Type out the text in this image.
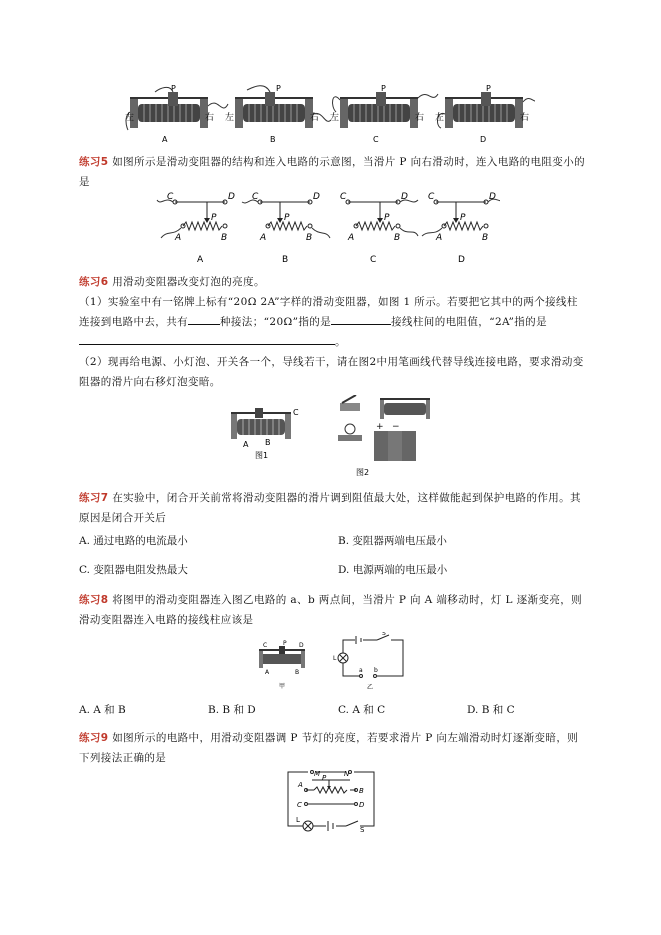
P	P	P	P
左	右 左	右 左	右 左	右
A	B	C	D
练习5 如图所示是滑动变阻器的结构和连入电路的示意图，当滑片 P 向右滑动时，连入电路的电阻变小的是
C	D
P
A	B
A
C	D
P
A	B
B
C	D
P
A	B
C
C	D
P
A	B
D
练习6 用滑动变阻器改变灯泡的亮度。
（1）实验室中有一铭牌上标有“20Ω 2A”字样的滑动变阻器，如图 1 所示。若要把它其中的两个接线柱连接到电路中去，共有	种接法；“20Ω”指的是	接线柱间的电阻值，“2A”指的是。
（2）现再给电源、小灯泡、开关各一个，导线若干，请在图2中用笔画线代替导线连接电路，要求滑动变阻器的滑片向右移灯泡变暗。
A B
C
图1
+ −
图2
练习7 在实验中，闭合开关前常将滑动变阻器的滑片调到阻值最大处，这样做能起到保护电路的作用。其原因是闭合开关后
A. 通过电路的电流最小	B. 变阻器两端电压最小
C. 变阻器电阻发热最大	D. 电源两端的电压最小
练习8 将图甲的滑动变阻器连入图乙电路的 a、b 两点间，当滑片 P 向 A 端移动时，灯 L 逐渐变亮，则滑动变阻器连入电路的接线柱应该是
C	P D
A	B
甲
L
S
a b
乙
A. A 和 B	B. B 和 D	C. A 和 C	D. B 和 C
练习9 如图所示的电路中，用滑动变阻器调 P 节灯的亮度，若要求滑片 P 向左端滑动时灯逐渐变暗，则下列接法正确的是
M	N
A
B
P
C	D
L
S
